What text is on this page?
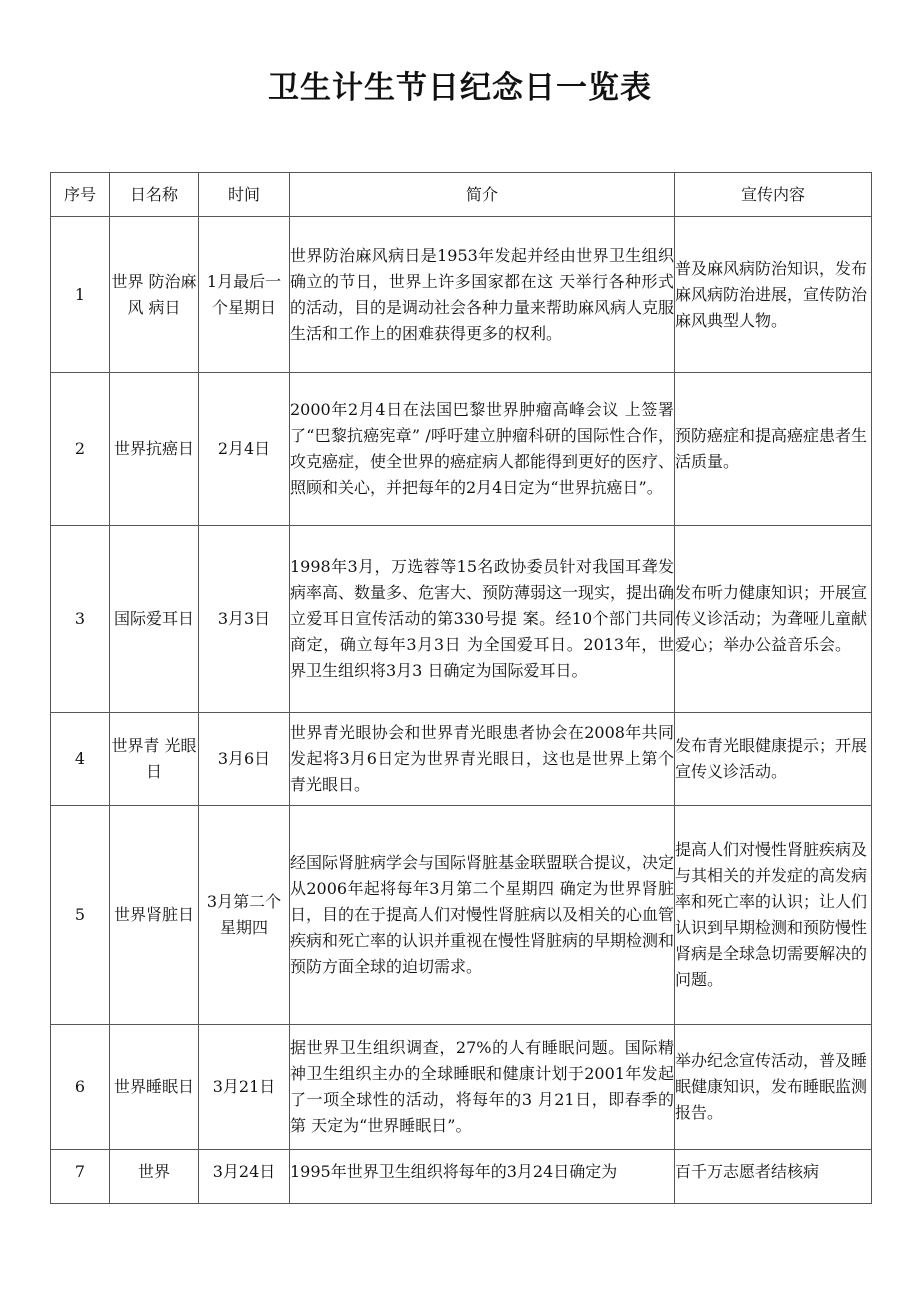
卫生计生节日纪念日一览表
序号	日名称	时间	简介	宣传内容
1	世界 防治麻风 病日	1月最后一个星期日	世界防治麻风病日是1953年发起并经由世界卫生组织确立的节日，世界上许多国家都在这 天举行各种形式的活动，目的是调动社会各种力量来帮助麻风病人克服生活和工作上的困难获得更多的权利。	普及麻风病防治知识，发布麻风病防治进展，宣传防治麻风典型人物。
2	世界抗癌日	2月4日	2000年2月4日在法国巴黎世界肿瘤高峰会议 上签署了“巴黎抗癌宪章” /呼吁建立肿瘤科研的国际性合作，攻克癌症，使全世界的癌症病人都能得到更好的医疗、照顾和关心，并把每年的2月4日定为“世界抗癌日”。	预防癌症和提高癌症患者生活质量。
3	国际爱耳日	3月3日	1998年3月，万选蓉等15名政协委员针对我国耳聋发病率高、数量多、危害大、预防薄弱这一现实，提出确立爱耳日宣传活动的第330号提 案。经10个部门共同商定，确立每年3月3日 为全国爱耳日。2013年，世界卫生组织将3月3 日确定为国际爱耳日。	发布听力健康知识；开展宣传义诊活动；为聋哑儿童献爱心；举办公益音乐会。
4	世界青 光眼日	3月6日	世界青光眼协会和世界青光眼患者协会在2008年共同发起将3月6日定为世界青光眼日，这也是世界上第个青光眼日。	发布青光眼健康提示；开展宣传义诊活动。
5	世界肾脏日	3月第二个星期四	经国际肾脏病学会与国际肾脏基金联盟联合提议，决定从2006年起将每年3月第二个星期四 确定为世界肾脏日，目的在于提高人们对慢性肾脏病以及相关的心血管疾病和死亡率的认识并重视在慢性肾脏病的早期检测和预防方面全球的迫切需求。	提高人们对慢性肾脏疾病及与其相关的并发症的高发病率和死亡率的认识；让人们认识到早期检测和预防慢性肾病是全球急切需要解决的问题。
6	世界睡眠日	3月21日	据世界卫生组织调查，27%的人有睡眠问题。国际精神卫生组织主办的全球睡眠和健康计划于2001年发起了一项全球性的活动，将每年的3 月21日，即春季的第 天定为“世界睡眠日”。	举办纪念宣传活动，普及睡眠健康知识，发布睡眠监测报告。
7	世界	3月24日	1995年世界卫生组织将每年的3月24日确定为	百千万志愿者结核病
